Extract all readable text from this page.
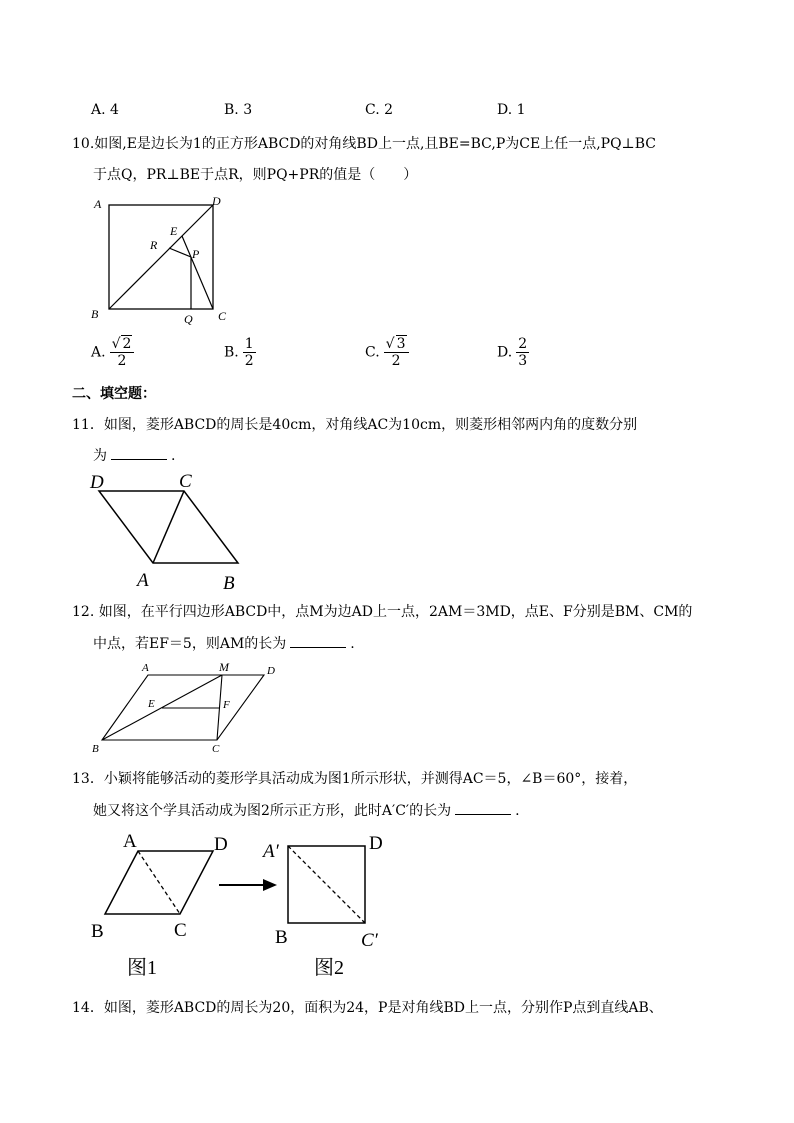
A. 4	B. 3	C. 2	D. 1
10.如图,E是边长为1的正方形ABCD的对角线BD上一点,且BE=BC,P为CE上任一点,PQ⊥BC
于点Q，PR⊥BE于点R，则PQ+PR的值是（　　）
A	D
B	C
E
R
P
Q
A. $\frac{√ 2}{2}$	B. $\frac{1}{2}$	C. $\frac{√ 3}{2}$	D. $\frac{2}{3}$
二、填空题：
11．如图，菱形ABCD的周长是40cm，对角线AC为10cm，则菱形相邻两内角的度数分别
为	.
D	C
A	B
12. 如图，在平行四边形ABCD中，点M为边AD上一点，2AM＝3MD，点E、F分别是BM、CM的
中点，若EF＝5，则AM的长为	.
A	M	D
E	F
B	C
13．小颖将能够活动的菱形学具活动成为图1所示形状，并测得AC＝5，∠B＝60°，接着，
她又将这个学具活动成为图2所示正方形，此时A′C′的长为	.
A	D
B	C
图1
A′	D
B	C′
图2
14．如图，菱形ABCD的周长为20，面积为24，P是对角线BD上一点，分别作P点到直线AB、
